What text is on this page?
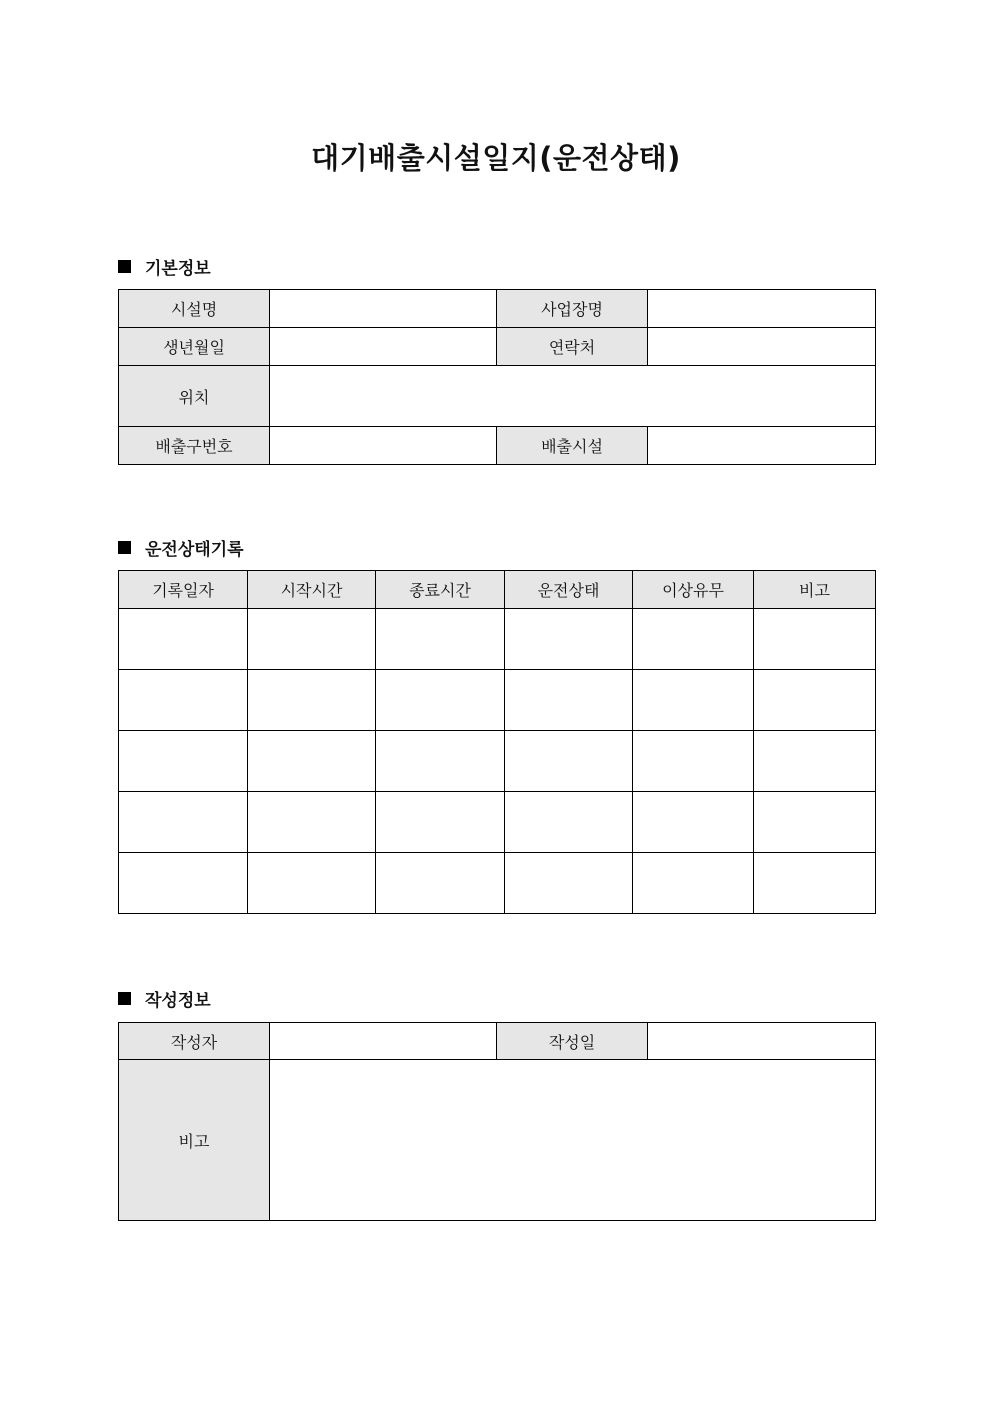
대기배출시설일지(운전상태)
기본정보
시설명		사업장명	
생년월일		연락처	
위치			
배출구번호		배출시설	
운전상태기록
기록일자	시작시간	종료시간	운전상태	이상유무	비고

작성정보
작성자		작성일	
비고			
